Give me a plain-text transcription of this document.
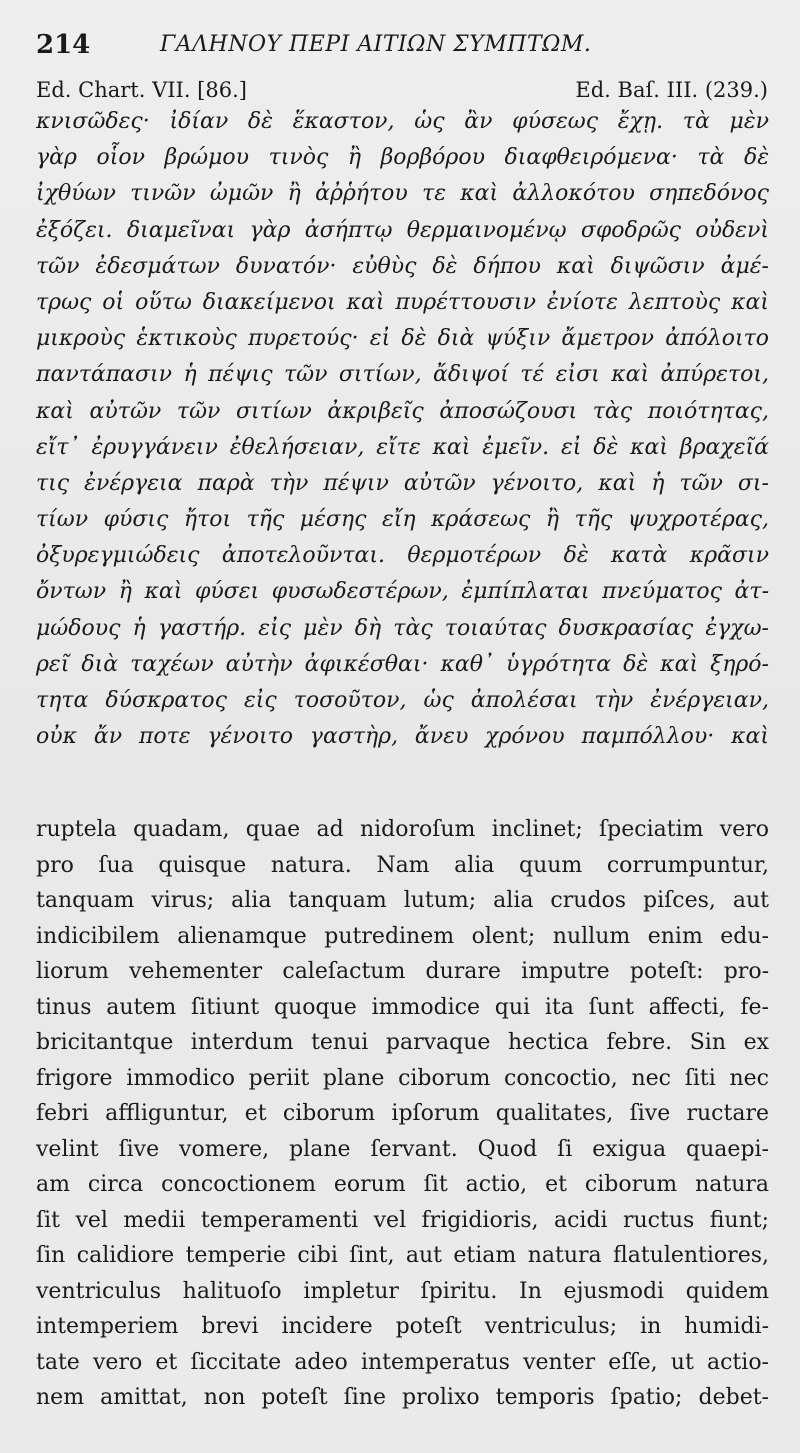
214	ΓΑΛΗΝΟΥ ΠΕΡΙ ΑΙΤΙΩΝ ΣΥΜΠΤΩΜ.
Ed. Chart. VII. [86.]	Ed. Baſ. III. (239.)
κνισῶδες· ἰδίαν δὲ ἕκαστον, ὡς ἂν φύσεως ἔχῃ. τὰ μὲν
γὰρ οἷον βρώμου τινὸς ἢ βορβόρου διαφθειρόμενα· τὰ δὲ
ἰχθύων τινῶν ὠμῶν ἢ ἀῤῥήτου τε καὶ ἀλλοκότου σηπεδόνος
ἐξόζει. διαμεῖναι γὰρ ἀσήπτῳ θερμαινομένῳ σφοδρῶς οὐδενὶ
τῶν ἐδεσμάτων δυνατόν· εὐθὺς δὲ δήπου καὶ διψῶσιν ἀμέ-
τρως οἱ οὕτω διακείμενοι καὶ πυρέττουσιν ἐνίοτε λεπτοὺς καὶ
μικροὺς ἑκτικοὺς πυρετούς· εἰ δὲ διὰ ψύξιν ἄμετρον ἀπόλοιτο
παντάπασιν ἡ πέψις τῶν σιτίων, ἄδιψοί τέ εἰσι καὶ ἀπύρετοι,
καὶ αὐτῶν τῶν σιτίων ἀκριβεῖς ἀποσώζουσι τὰς ποιότητας,
εἴτ᾿ ἐρυγγάνειν ἐθελήσειαν, εἴτε καὶ ἐμεῖν. εἰ δὲ καὶ βραχεῖά
τις ἐνέργεια παρὰ τὴν πέψιν αὐτῶν γένοιτο, καὶ ἡ τῶν σι-
τίων φύσις ἤτοι τῆς μέσης εἴη κράσεως ἢ τῆς ψυχροτέρας,
ὀξυρεγμιώδεις ἀποτελοῦνται. θερμοτέρων δὲ κατὰ κρᾶσιν
ὄντων ἢ καὶ φύσει φυσωδεστέρων, ἐμπίπλαται πνεύματος ἀτ-
μώδους ἡ γαστήρ. εἰς μὲν δὴ τὰς τοιαύτας δυσκρασίας ἐγχω-
ρεῖ διὰ ταχέων αὐτὴν ἀφικέσθαι· καθ᾿ ὑγρότητα δὲ καὶ ξηρό-
τητα δύσκρατος εἰς τοσοῦτον, ὡς ἀπολέσαι τὴν ἐνέργειαν,
οὐκ ἄν ποτε γένοιτο γαστὴρ, ἄνευ χρόνου παμπόλλου· καὶ
ruptela quadam, quae ad nidoroſum inclinet; ſpeciatim vero
pro ſua quisque natura. Nam alia quum corrumpuntur,
tanquam virus; alia tanquam lutum; alia crudos piſces, aut
indicibilem alienamque putredinem olent; nullum enim edu-
liorum vehementer caleſactum durare imputre poteſt: pro-
tinus autem ſitiunt quoque immodice qui ita ſunt affecti, fe-
bricitantque interdum tenui parvaque hectica febre. Sin ex
frigore immodico periit plane ciborum concoctio, nec ſiti nec
febri affliguntur, et ciborum ipſorum qualitates, ſive ructare
velint ſive vomere, plane ſervant. Quod ſi exigua quaepi-
am circa concoctionem eorum ſit actio, et ciborum natura
ſit vel medii temperamenti vel frigidioris, acidi ructus fiunt;
ſin calidiore temperie cibi ſint, aut etiam natura flatulentiores,
ventriculus halituoſo impletur ſpiritu. In ejusmodi quidem
intemperiem brevi incidere poteſt ventriculus; in humidi-
tate vero et ſiccitate adeo intemperatus venter eſſe, ut actio-
nem amittat, non poteſt ſine prolixo temporis ſpatio; debet-
